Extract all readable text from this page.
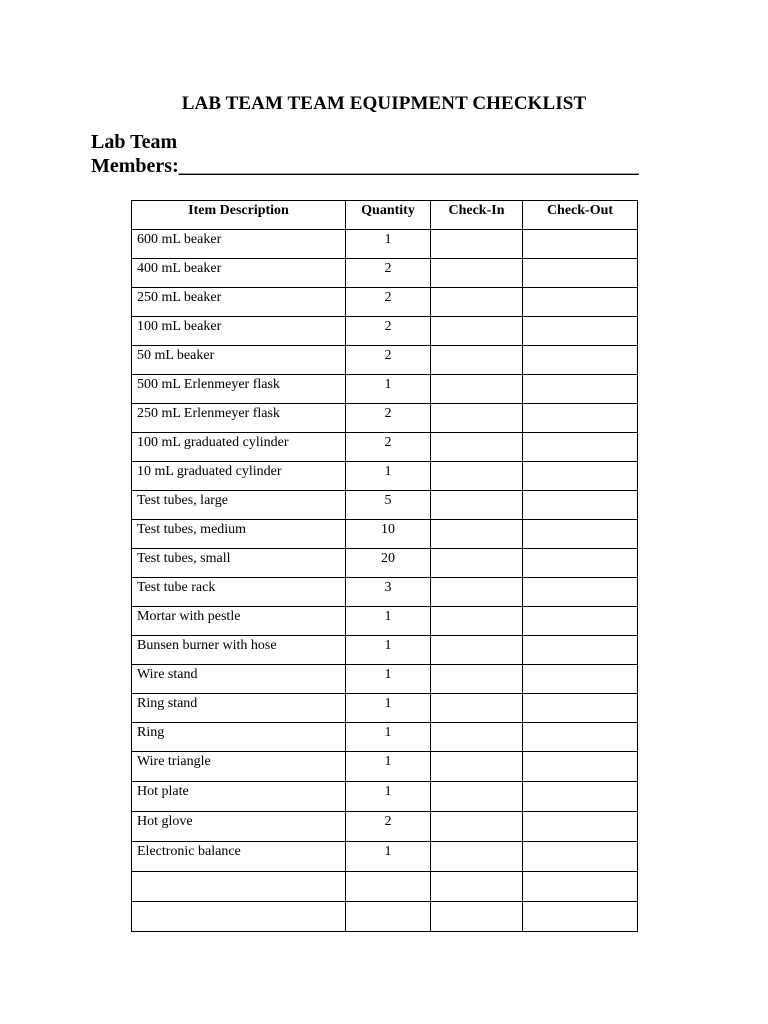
LAB TEAM TEAM EQUIPMENT CHECKLIST
Lab Team
Members:______________________________________________
Item Description	Quantity	Check-In	Check-Out
600 mL beaker	1		
400 mL beaker	2		
250 mL beaker	2		
100 mL beaker	2		
50 mL beaker	2		
500 mL Erlenmeyer flask	1		
250 mL Erlenmeyer flask	2		
100 mL graduated cylinder	2		
10 mL graduated cylinder	1		
Test tubes, large	5		
Test tubes, medium	10		
Test tubes, small	20		
Test tube rack	3		
Mortar with pestle	1		
Bunsen burner with hose	1		
Wire stand	1		
Ring stand	1		
Ring	1		
Wire triangle	1		
Hot plate	1		
Hot glove	2		
Electronic balance	1		
